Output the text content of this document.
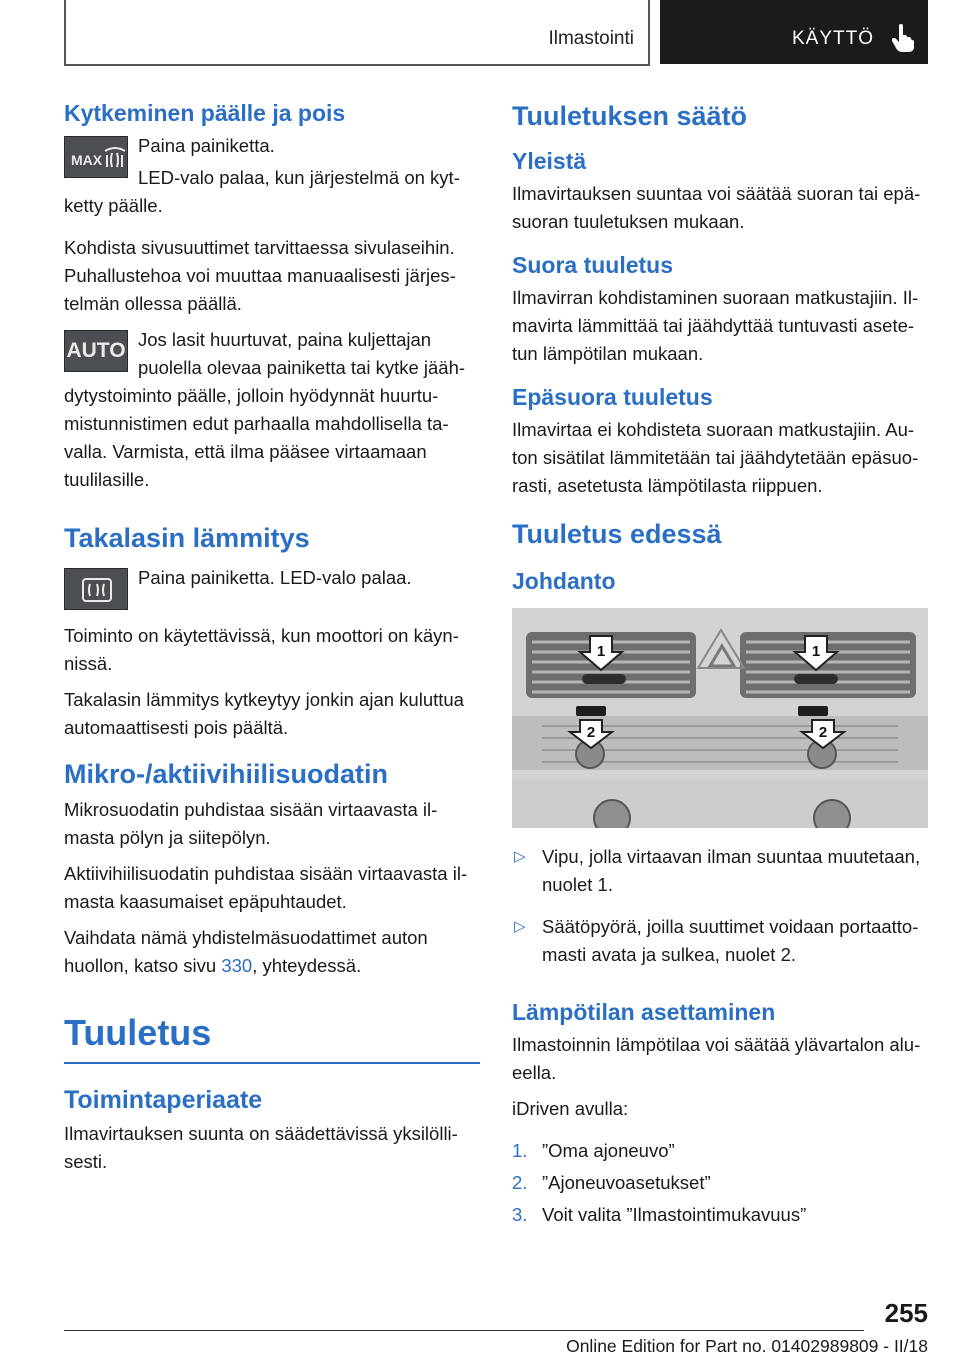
Ilmastointi	KÄYTTÖ
Kytkeminen päälle ja pois
MAX
Paina painiketta.
LED-valo palaa, kun järjestelmä on kytketty päälle.
Kohdista sivusuuttimet tarvittaessa sivulaseihin. Puhallustehoa voi muuttaa manuaalisesti järjestelmän ollessa päällä.
AUTO Jos lasit huurtuvat, paina kuljettajan puolella olevaa painiketta tai kytke jäähdytystoiminto päälle, jolloin hyödynnät huurtumistunnistimen edut parhaalla mahdollisella tavalla. Varmista, että ilma pääsee virtaamaan tuulilasille.
Takalasin lämmitys
Paina painiketta. LED-valo palaa.
Toiminto on käytettävissä, kun moottori on käynnissä.
Takalasin lämmitys kytkeytyy jonkin ajan kuluttua automaattisesti pois päältä.
Mikro-/aktiivihiilisuodatin
Mikrosuodatin puhdistaa sisään virtaavasta ilmasta pölyn ja siitepölyn.
Aktiivihiilisuodatin puhdistaa sisään virtaavasta ilmasta kaasumaiset epäpuhtaudet.
Vaihdata nämä yhdistelmäsuodattimet auton huollon, katso sivu 330, yhteydessä.
Tuuletus
Toimintaperiaate
Ilmavirtauksen suunta on säädettävissä yksilöllisesti.
Tuuletuksen säätö
Yleistä
Ilmavirtauksen suuntaa voi säätää suoran tai epäsuoran tuuletuksen mukaan.
Suora tuuletus
Ilmavirran kohdistaminen suoraan matkustajiin. Ilmavirta lämmittää tai jäähdyttää tuntuvasti asetetun lämpötilan mukaan.
Epäsuora tuuletus
Ilmavirtaa ei kohdisteta suoraan matkustajiin. Auton sisätilat lämmitetään tai jäähdytetään epäsuorasti, asetetusta lämpötilasta riippuen.
Tuuletus edessä
Johdanto
1	1
2	2
▷ Vipu, jolla virtaavan ilman suuntaa muutetaan, nuolet 1.
▷ Säätöpyörä, joilla suuttimet voidaan portaattomasti avata ja sulkea, nuolet 2.
Lämpötilan asettaminen
Ilmastoinnin lämpötilaa voi säätää ylävartalon alueella.
iDriven avulla:
1. ”Oma ajoneuvo”
2. ”Ajoneuvoasetukset”
3. Voit valita ”Ilmastointimukavuus”
255
Online Edition for Part no. 01402989809 - II/18
